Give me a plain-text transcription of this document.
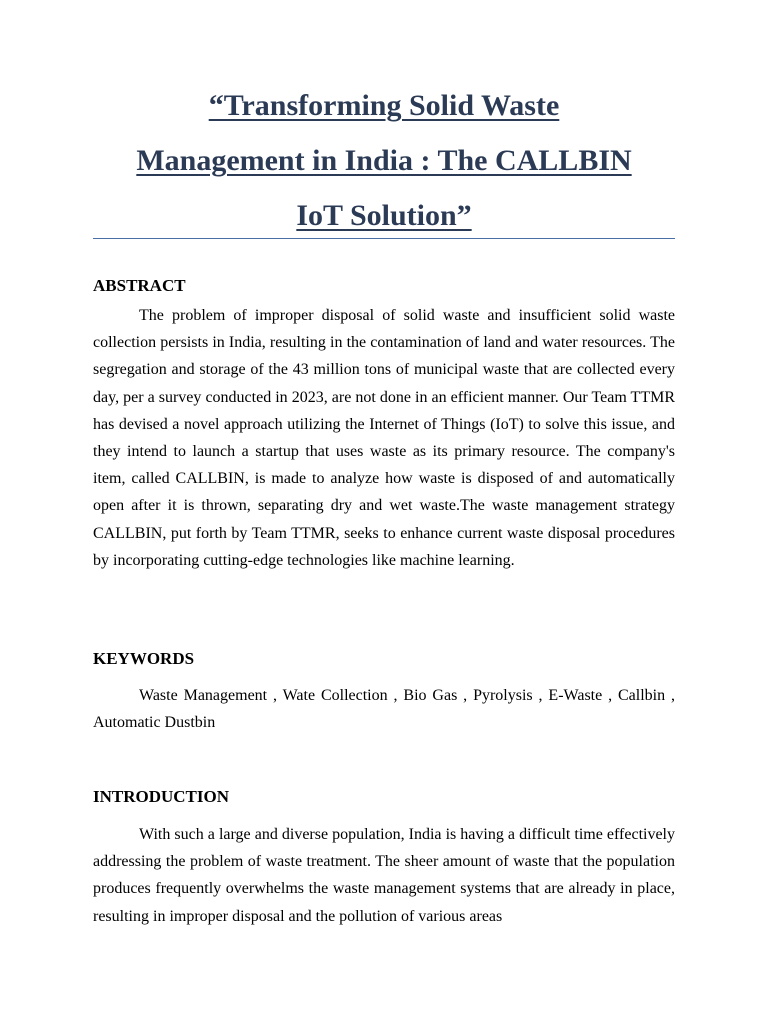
“Transforming Solid Waste
Management in India : The CALLBIN
IoT Solution”
ABSTRACT
The problem of improper disposal of solid waste and insufficient solid waste collection persists in India, resulting in the contamination of land and water resources. The segregation and storage of the 43 million tons of municipal waste that are collected every day, per a survey conducted in 2023, are not done in an efficient manner. Our Team TTMR has devised a novel approach utilizing the Internet of Things (IoT) to solve this issue, and they intend to launch a startup that uses waste as its primary resource. The company's item, called CALLBIN, is made to analyze how waste is disposed of and automatically open after it is thrown, separating dry and wet waste.The waste management strategy CALLBIN, put forth by Team TTMR, seeks to enhance current waste disposal procedures by incorporating cutting-edge technologies like machine learning.
KEYWORDS
Waste Management , Wate Collection , Bio Gas , Pyrolysis , E-Waste , Callbin , Automatic Dustbin
INTRODUCTION
With such a large and diverse population, India is having a difficult time effectively addressing the problem of waste treatment. The sheer amount of waste that the population produces frequently overwhelms the waste management systems that are already in place, resulting in improper disposal and the pollution of various areas
